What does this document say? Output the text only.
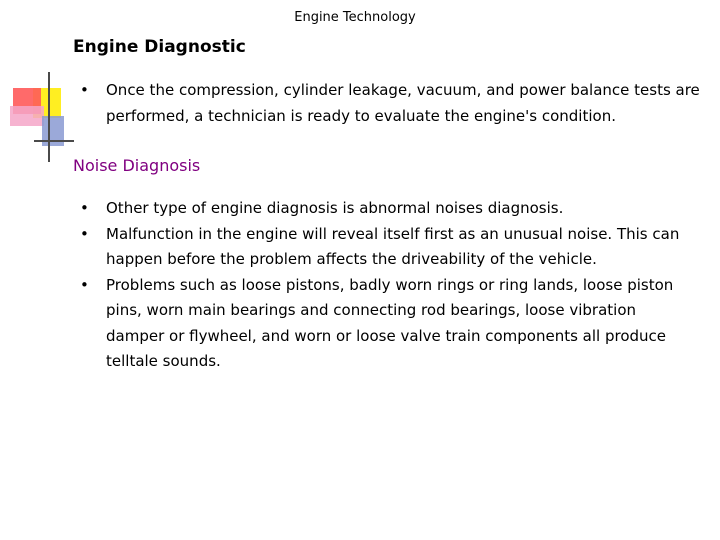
Engine Technology
Engine Diagnostic
• Once the compression, cylinder leakage, vacuum, and power balance tests are performed, a technician is ready to evaluate the engine's condition.
Noise Diagnosis
• Other type of engine diagnosis is abnormal noises diagnosis.
• Malfunction in the engine will reveal itself first as an unusual noise. This can happen before the problem affects the driveability of the vehicle.
• Problems such as loose pistons, badly worn rings or ring lands, loose piston pins, worn main bearings and connecting rod bearings, loose vibration damper or flywheel, and worn or loose valve train components all produce telltale sounds.
